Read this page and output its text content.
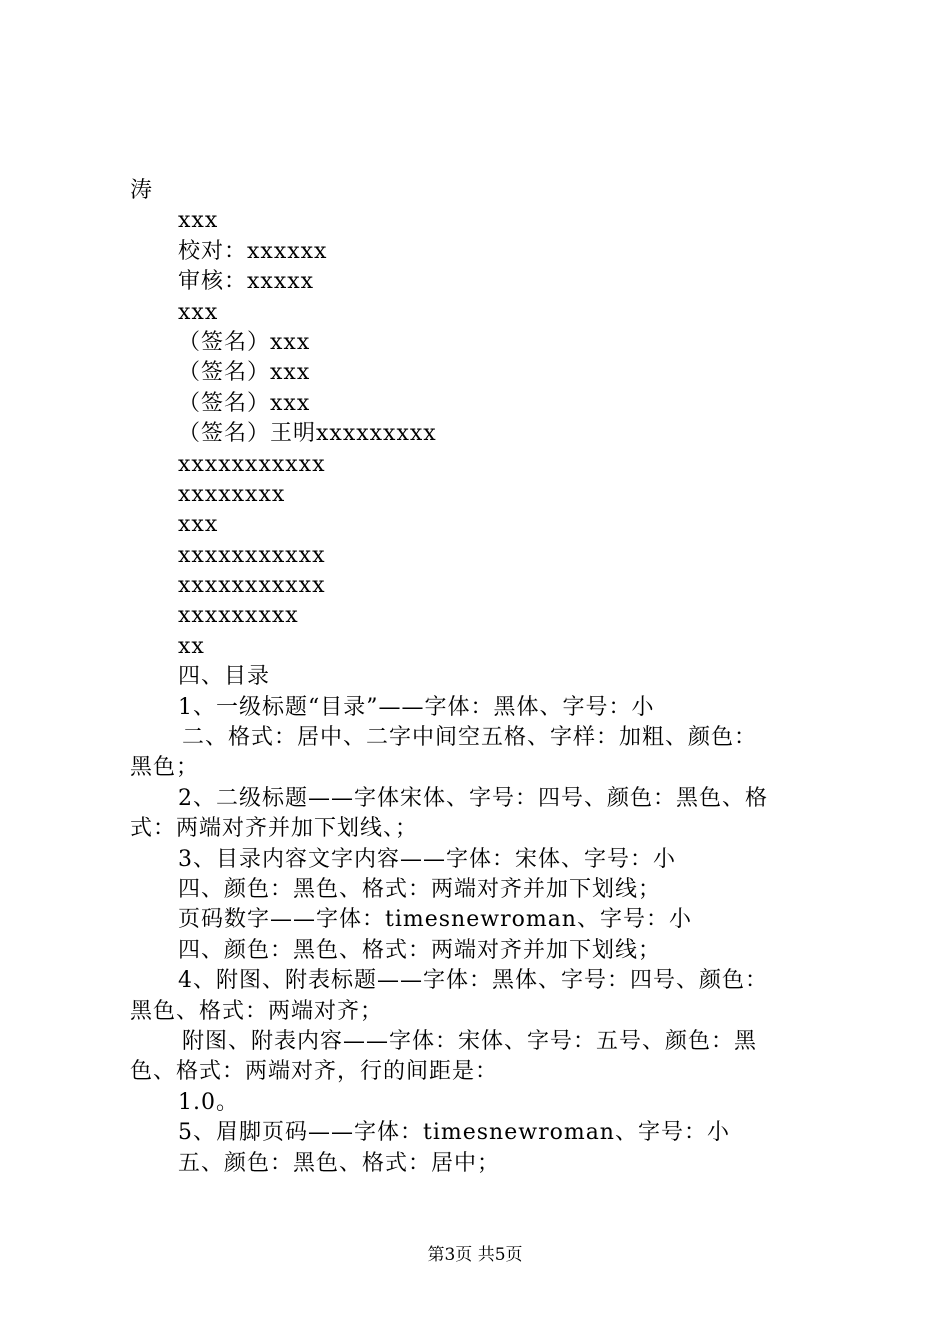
涛
xxx
校对：xxxxxx
审核：xxxxx
xxx
（签名）xxx
（签名）xxx
（签名）xxx
（签名）王明xxxxxxxxx
xxxxxxxxxxx
xxxxxxxx
xxx
xxxxxxxxxxx
xxxxxxxxxxx
xxxxxxxxx
xx
四、目录
1、一级标题“目录”——字体：黑体、字号：小
二、格式：居中、二字中间空五格、字样：加粗、颜色：
黑色；
2、二级标题——字体宋体、字号：四号、颜色：黑色、格
式：两端对齐并加下划线、；
3、目录内容文字内容——字体：宋体、字号：小
四、颜色：黑色、格式：两端对齐并加下划线；
页码数字——字体：timesnewroman、字号：小
四、颜色：黑色、格式：两端对齐并加下划线；
4、附图、附表标题——字体：黑体、字号：四号、颜色：
黑色、格式：两端对齐；
附图、附表内容——字体：宋体、字号：五号、颜色：黑
色、格式：两端对齐，行的间距是：
1.0。
5、眉脚页码——字体：timesnewroman、字号：小
五、颜色：黑色、格式：居中；
第3页 共5页
